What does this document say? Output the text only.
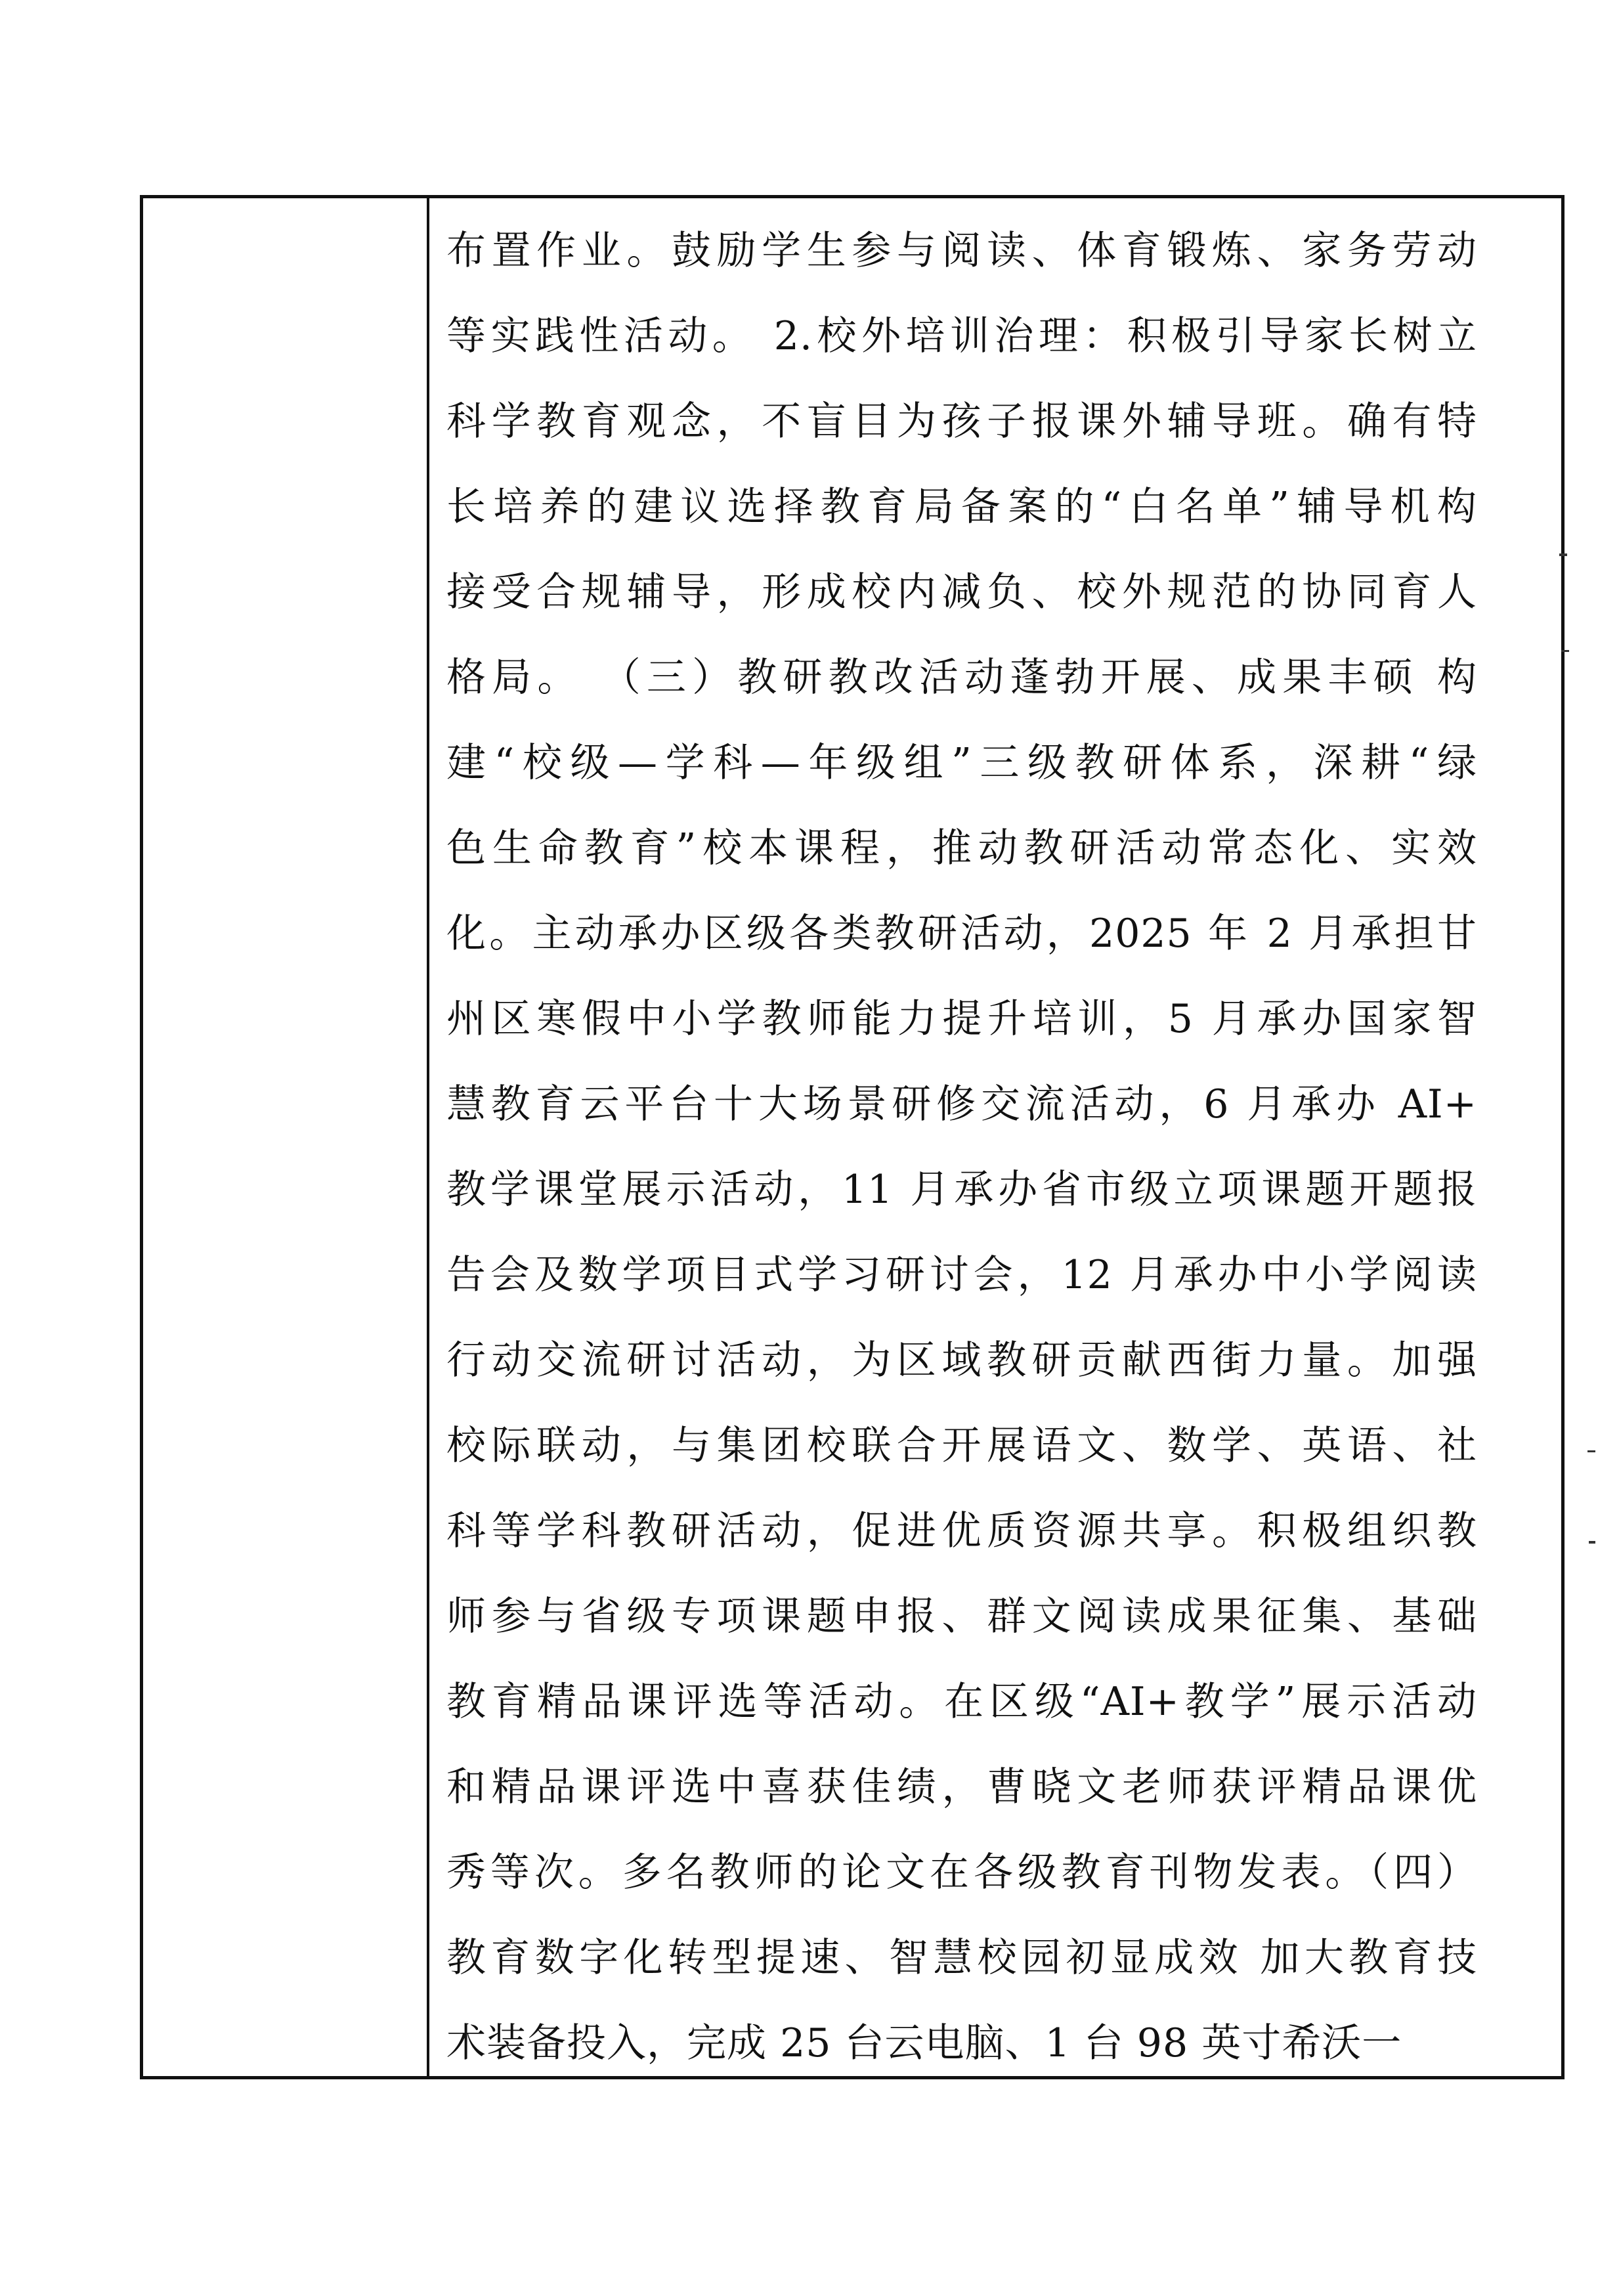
布置作业。鼓励学生参与阅读、体育锻炼、家务劳动
等实践性活动。 2.校外培训治理：积极引导家长树立
科学教育观念，不盲目为孩子报课外辅导班。确有特
长培养的建议选择教育局备案的“白名单”辅导机构
接受合规辅导，形成校内减负、校外规范的协同育人
格局。 （三）教研教改活动蓬勃开展、成果丰硕 构
建“校级—学科—年级组”三级教研体系，深耕“绿
色生命教育”校本课程，推动教研活动常态化、实效
化。主动承办区级各类教研活动，2025 年 2 月承担甘
州区寒假中小学教师能力提升培训，5 月承办国家智
慧教育云平台十大场景研修交流活动，6 月承办 AI+
教学课堂展示活动，11 月承办省市级立项课题开题报
告会及数学项目式学习研讨会，12 月承办中小学阅读
行动交流研讨活动，为区域教研贡献西街力量。加强
校际联动，与集团校联合开展语文、数学、英语、社
科等学科教研活动，促进优质资源共享。积极组织教
师参与省级专项课题申报、群文阅读成果征集、基础
教育精品课评选等活动。在区级“AI+教学”展示活动
和精品课评选中喜获佳绩，曹晓文老师获评精品课优
秀等次。多名教师的论文在各级教育刊物发表。（四）
教育数字化转型提速、智慧校园初显成效 加大教育技
术装备投入，完成 25 台云电脑、1 台 98 英寸希沃一
